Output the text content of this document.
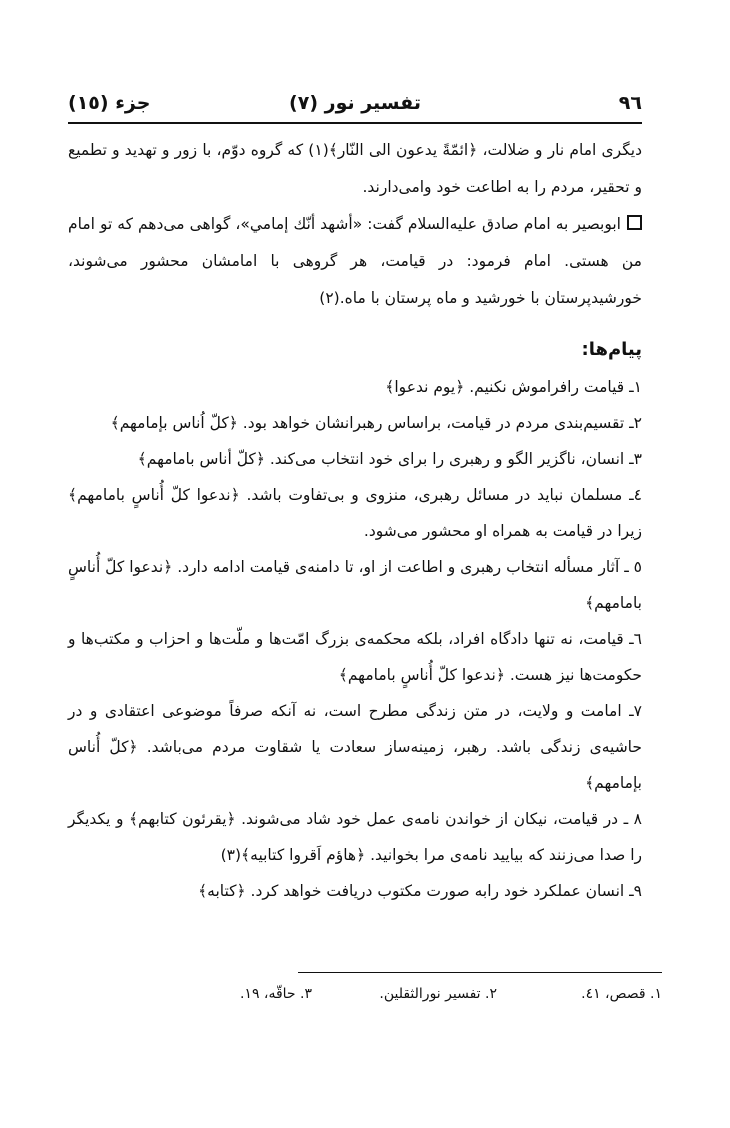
٩٦
تفسیر نور (٧)
جزء (١٥)

دیگری امام نار و ضلالت، ﴿ائمّةً یدعون الی النّار﴾(١) که گروه دوّم، با زور و تهدید و تطمیع و تحقیر، مردم را به اطاعت خود وامی‌دارند.

ابوبصیر به امام صادق علیه‌السلام گفت: «أشهد أنّك إمامي»، گواهی می‌دهم که تو امام من هستی. امام فرمود: در قیامت، هر گروهی با امامشان محشور می‌شوند، خورشیدپرستان با خورشید و ماه پرستان با ماه.(٢)

پیام‌ها:

١ـ قیامت رافراموش نکنیم. ﴿یوم ندعوا﴾

٢ـ تقسیم‌بندی مردم در قیامت، براساس رهبرانشان خواهد بود. ﴿کلّ اُناس بإمامهم﴾

٣ـ انسان، ناگزیر الگو و رهبری را برای خود انتخاب می‌کند. ﴿کلّ أناس بامامهم﴾

٤ـ مسلمان نباید در مسائل رهبری، منزوی و بی‌تفاوت باشد. ﴿ندعوا کلّ أُناسٍ بامامهم﴾ زیرا در قیامت به همراه او محشور می‌شود.

٥ ـ آثار مسأله انتخاب رهبری و اطاعت از او، تا دامنه‌ی قیامت ادامه دارد. ﴿ندعوا کلّ أُناسٍ بامامهم﴾

٦ـ قیامت، نه تنها دادگاه افراد، بلکه محکمه‌ی بزرگ امّت‌ها و ملّت‌ها و احزاب و مکتب‌ها و حکومت‌ها نیز هست. ﴿ندعوا کلّ أُناسٍ بامامهم﴾

٧ـ امامت و ولایت، در متن زندگی مطرح است، نه آنکه صرفاً موضوعی اعتقادی و در حاشیه‌ی زندگی باشد. رهبر، زمینه‌ساز سعادت یا شقاوت مردم می‌باشد. ﴿کلّ أُناس بإمامهم﴾

٨ ـ در قیامت، نیکان از خواندن نامه‌ی عمل خود شاد می‌شوند. ﴿یقرئون کتابهم﴾ و یکدیگر را صدا می‌زنند که بیایید نامه‌ی مرا بخوانید. ﴿هاؤم اَقروا کتابیه﴾(٣)

٩ـ انسان عملکرد خود رابه صورت مکتوب دریافت خواهد کرد. ﴿کتابه﴾

١. قصص، ٤١.
٢. تفسیر نورالثقلین.
٣. حاقّه، ١٩.
